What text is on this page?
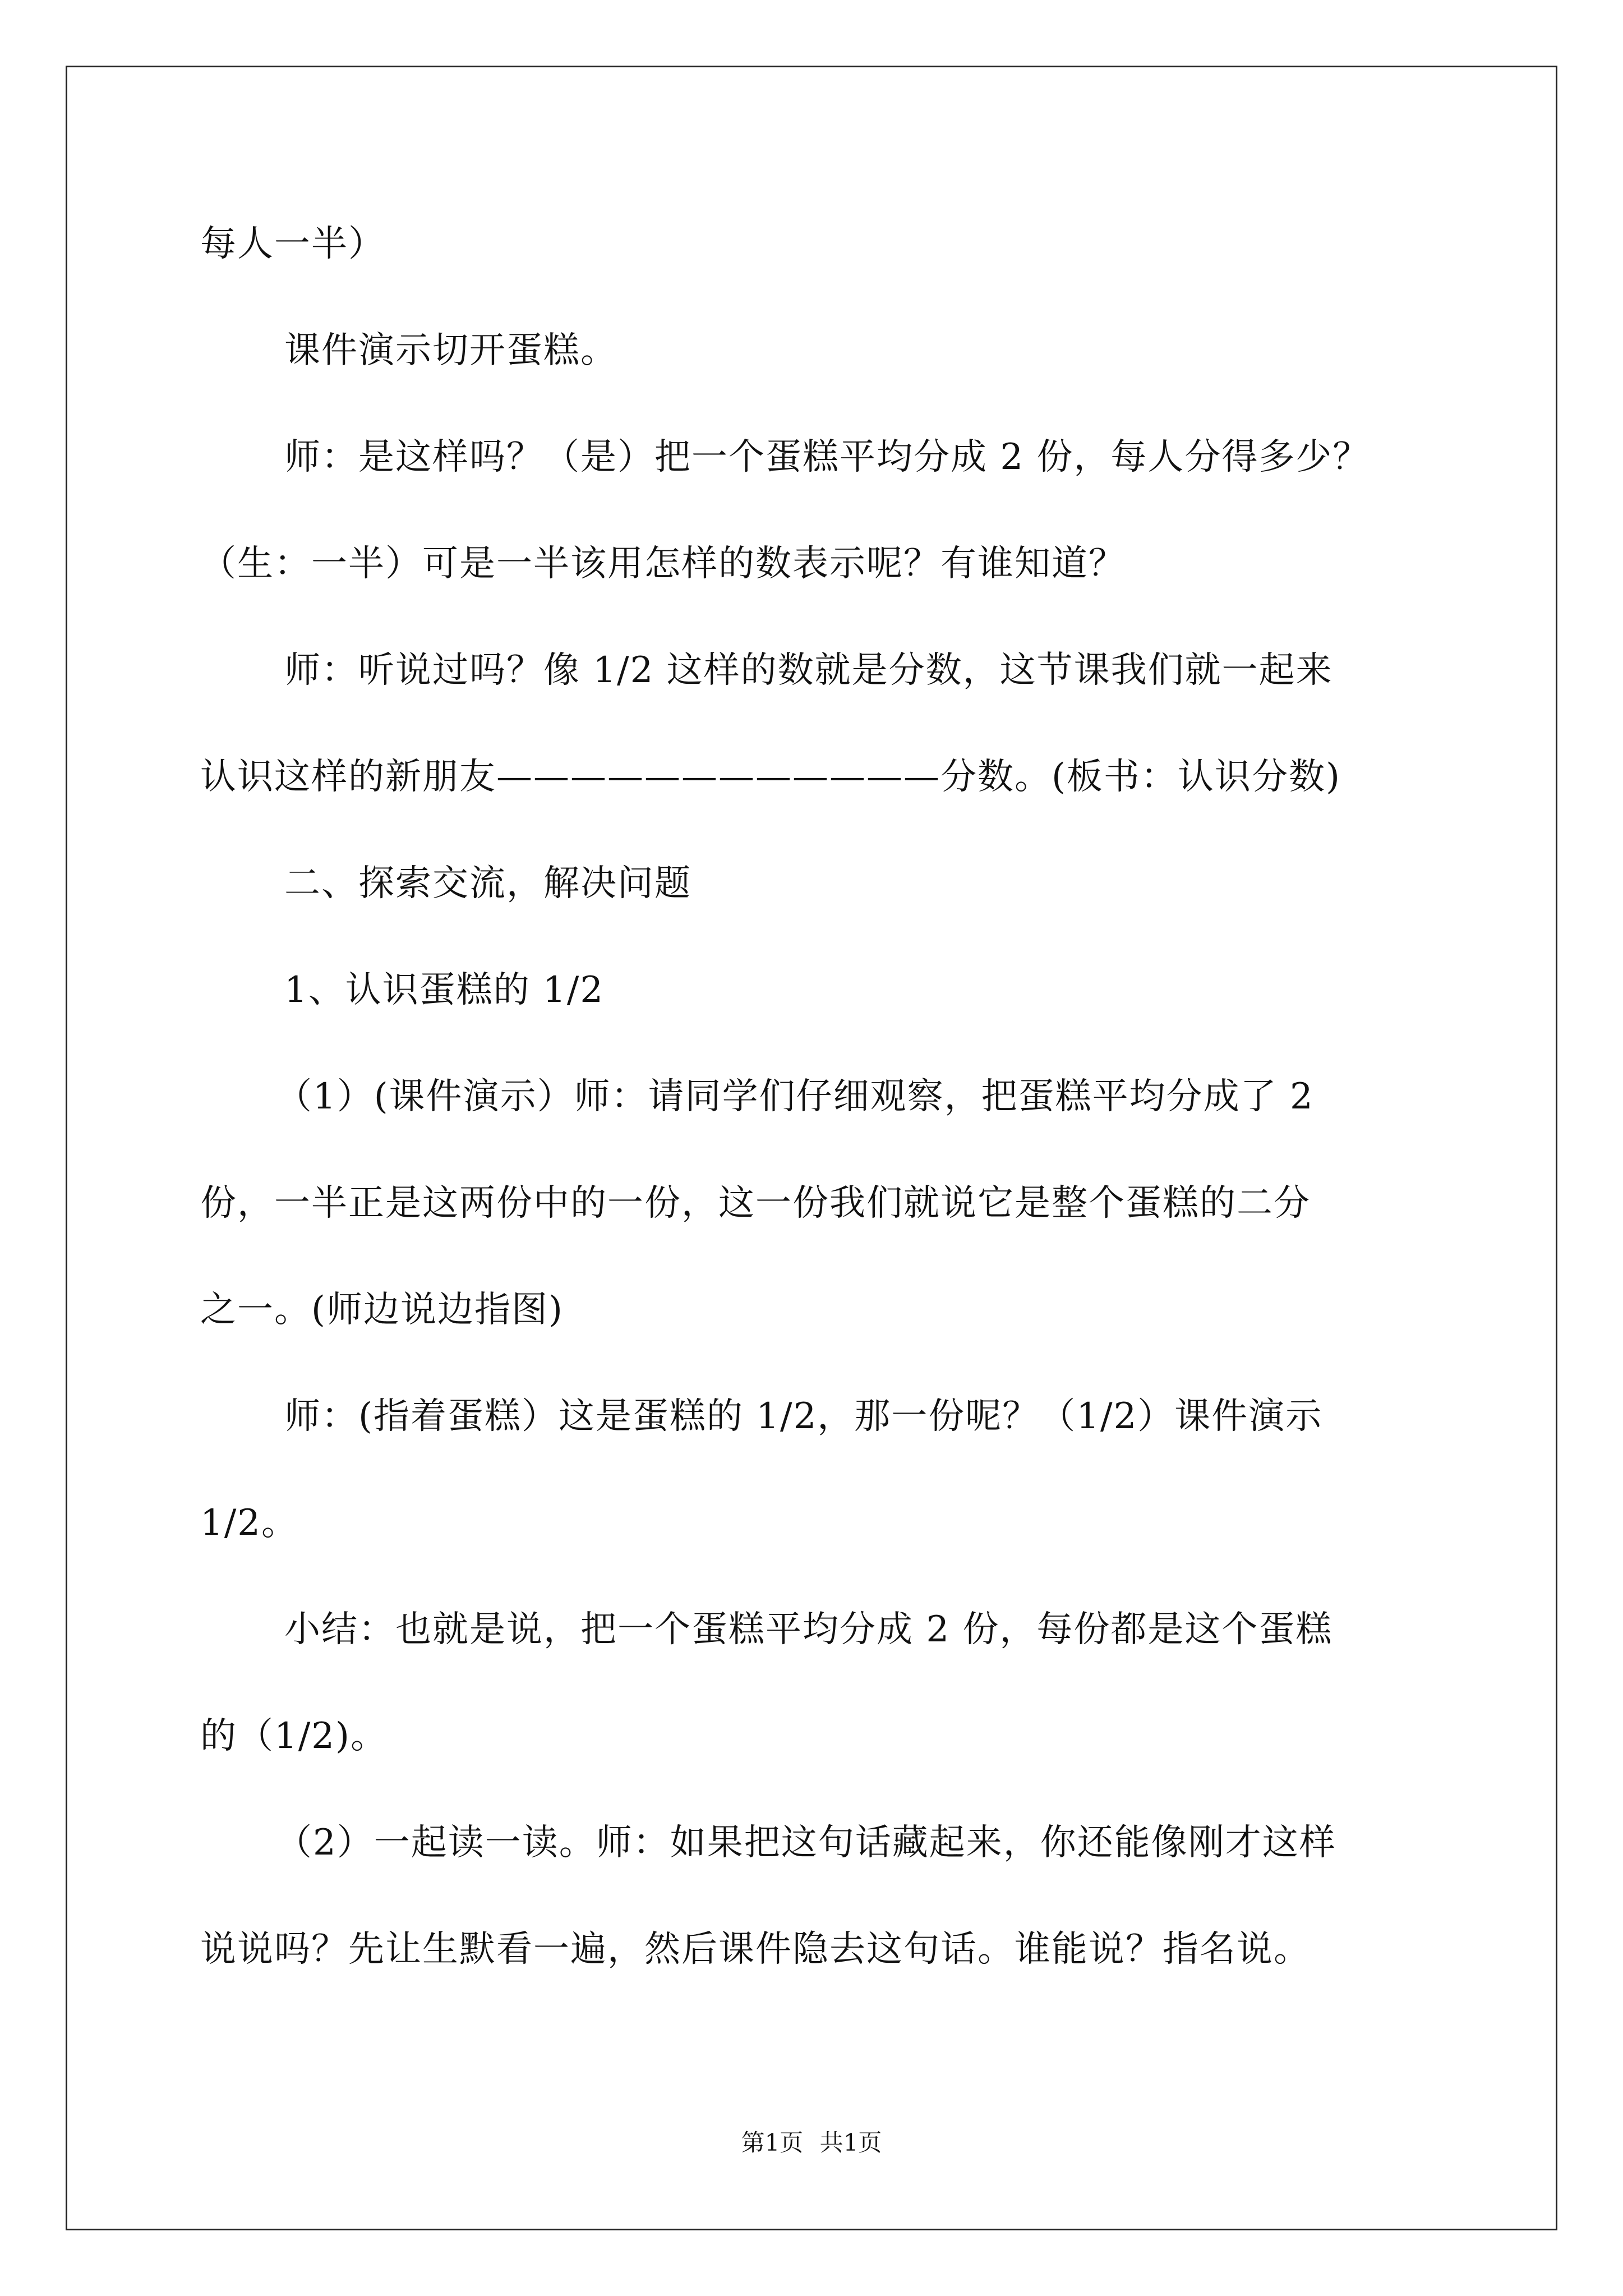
每人一半）
课件演示切开蛋糕。
师：是这样吗？（是）把一个蛋糕平均分成 2 份，每人分得多少？
（生：一半）可是一半该用怎样的数表示呢？有谁知道？
师：听说过吗？像 1/2 这样的数就是分数，这节课我们就一起来
认识这样的新朋友————————————分数。(板书：认识分数)
二、探索交流，解决问题
1、认识蛋糕的 1/2
（1）(课件演示）师：请同学们仔细观察，把蛋糕平均分成了 2
份，一半正是这两份中的一份，这一份我们就说它是整个蛋糕的二分
之一。(师边说边指图)
师：(指着蛋糕）这是蛋糕的 1/2，那一份呢？（1/2）课件演示
1/2。
小结：也就是说，把一个蛋糕平均分成 2 份，每份都是这个蛋糕
的（1/2)。
（2）一起读一读。师：如果把这句话藏起来，你还能像刚才这样
说说吗？先让生默看一遍，然后课件隐去这句话。谁能说？指名说。
第1页 共1页
